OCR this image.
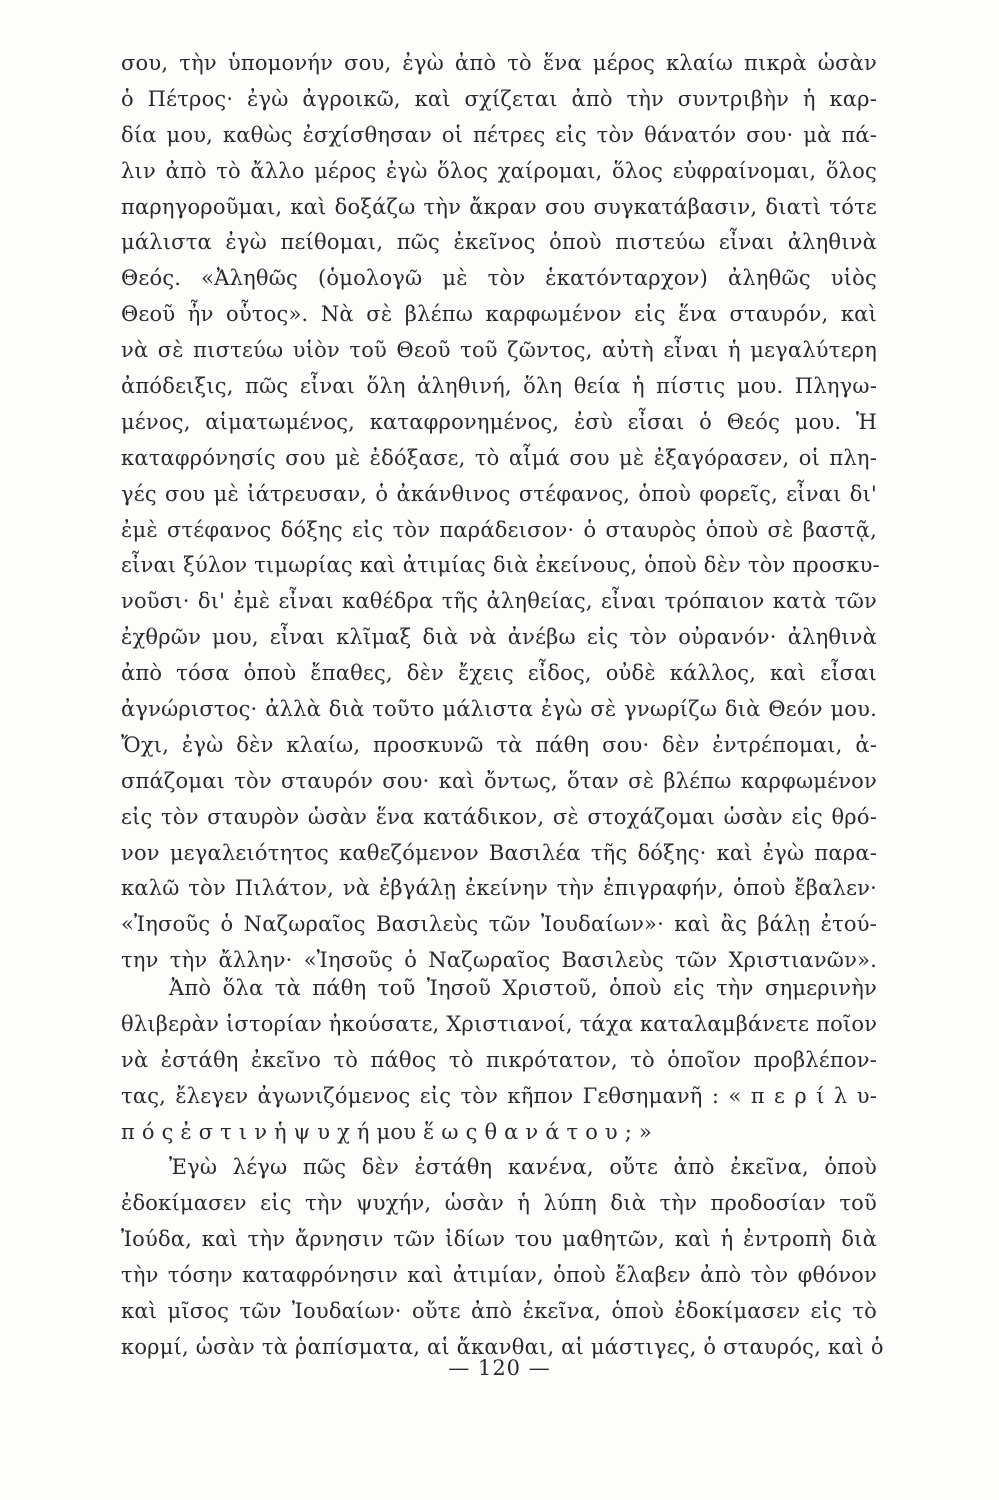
σου, τὴν ὑπομονήν σου, ἐγὼ ἀπὸ τὸ ἕνα μέρος κλαίω πικρὰ ὡσὰν
ὁ Πέτρος· ἐγὼ ἀγροικῶ, καὶ σχίζεται ἀπὸ τὴν συντριβὴν ἡ καρ-
δία μου, καθὼς ἐσχίσθησαν οἱ πέτρες εἰς τὸν θάνατόν σου· μὰ πά-
λιν ἀπὸ τὸ ἄλλο μέρος ἐγὼ ὅλος χαίρομαι, ὅλος εὐφραίνομαι, ὅλος
παρηγοροῦμαι, καὶ δοξάζω τὴν ἄκραν σου συγκατάβασιν, διατὶ τότε
μάλιστα ἐγὼ πείθομαι, πῶς ἐκεῖνος ὁποὺ πιστεύω εἶναι ἀληθινὰ
Θεός. «Ἀληθῶς (ὁμολογῶ μὲ τὸν ἑκατόνταρχον) ἀληθῶς υἱὸς
Θεοῦ ἦν οὗτος». Νὰ σὲ βλέπω καρφωμένον εἰς ἕνα σταυρόν, καὶ
νὰ σὲ πιστεύω υἱὸν τοῦ Θεοῦ τοῦ ζῶντος, αὐτὴ εἶναι ἡ μεγαλύτερη
ἀπόδειξις, πῶς εἶναι ὅλη ἀληθινή, ὅλη θεία ἡ πίστις μου. Πληγω-
μένος, αἱματωμένος, καταφρονημένος, ἐσὺ εἶσαι ὁ Θεός μου. Ἡ
καταφρόνησίς σου μὲ ἐδόξασε, τὸ αἷμά σου μὲ ἐξαγόρασεν, οἱ πλη-
γές σου μὲ ἰάτρευσαν, ὁ ἀκάνθινος στέφανος, ὁποὺ φορεῖς, εἶναι δι'
ἐμὲ στέφανος δόξης εἰς τὸν παράδεισον· ὁ σταυρὸς ὁποὺ σὲ βαστᾷ,
εἶναι ξύλον τιμωρίας καὶ ἀτιμίας διὰ ἐκείνους, ὁποὺ δὲν τὸν προσκυ-
νοῦσι· δι' ἐμὲ εἶναι καθέδρα τῆς ἀληθείας, εἶναι τρόπαιον κατὰ τῶν
ἐχθρῶν μου, εἶναι κλῖμαξ διὰ νὰ ἀνέβω εἰς τὸν οὐρανόν· ἀληθινὰ
ἀπὸ τόσα ὁποὺ ἔπαθες, δὲν ἔχεις εἶδος, οὐδὲ κάλλος, καὶ εἶσαι
ἀγνώριστος· ἀλλὰ διὰ τοῦτο μάλιστα ἐγὼ σὲ γνωρίζω διὰ Θεόν μου.
Ὄχι, ἐγὼ δὲν κλαίω, προσκυνῶ τὰ πάθη σου· δὲν ἐντρέπομαι, ἀ-
σπάζομαι τὸν σταυρόν σου· καὶ ὄντως, ὅταν σὲ βλέπω καρφωμένον
εἰς τὸν σταυρὸν ὡσὰν ἕνα κατάδικον, σὲ στοχάζομαι ὡσὰν εἰς θρό-
νον μεγαλειότητος καθεζόμενον Βασιλέα τῆς δόξης· καὶ ἐγὼ παρα-
καλῶ τὸν Πιλάτον, νὰ ἐβγάλῃ ἐκείνην τὴν ἐπιγραφήν, ὁποὺ ἔβαλεν·
«Ἰησοῦς ὁ Ναζωραῖος Βασιλεὺς τῶν Ἰουδαίων»· καὶ ἂς βάλῃ ἐτού-
την τὴν ἄλλην· «Ἰησοῦς ὁ Ναζωραῖος Βασιλεὺς τῶν Χριστιανῶν».
Ἀπὸ ὅλα τὰ πάθη τοῦ Ἰησοῦ Χριστοῦ, ὁποὺ εἰς τὴν σημερινὴν
θλιβερὰν ἱστορίαν ἠκούσατε, Χριστιανοί, τάχα καταλαμβάνετε ποῖον
νὰ ἐστάθη ἐκεῖνο τὸ πάθος τὸ πικρότατον, τὸ ὁποῖον προβλέπον-
τας, ἔλεγεν ἀγωνιζόμενος εἰς τὸν κῆπον Γεθσημανῆ : « π ε ρ ί λ υ-
π ό ς ἐ σ τ ι ν ἡ ψ υ χ ή μου ἕ ω ς θ α ν ά τ ο υ ; »
Ἐγὼ λέγω πῶς δὲν ἐστάθη κανένα, οὔτε ἀπὸ ἐκεῖνα, ὁποὺ
ἐδοκίμασεν εἰς τὴν ψυχήν, ὡσὰν ἡ λύπη διὰ τὴν προδοσίαν τοῦ
Ἰούδα, καὶ τὴν ἄρνησιν τῶν ἰδίων του μαθητῶν, καὶ ἡ ἐντροπὴ διὰ
τὴν τόσην καταφρόνησιν καὶ ἀτιμίαν, ὁποὺ ἔλαβεν ἀπὸ τὸν φθόνον
καὶ μῖσος τῶν Ἰουδαίων· οὔτε ἀπὸ ἐκεῖνα, ὁποὺ ἐδοκίμασεν εἰς τὸ
κορμί, ὡσὰν τὰ ῥαπίσματα, αἱ ἄκανθαι, αἱ μάστιγες, ὁ σταυρός, καὶ ὁ
— 120 —
